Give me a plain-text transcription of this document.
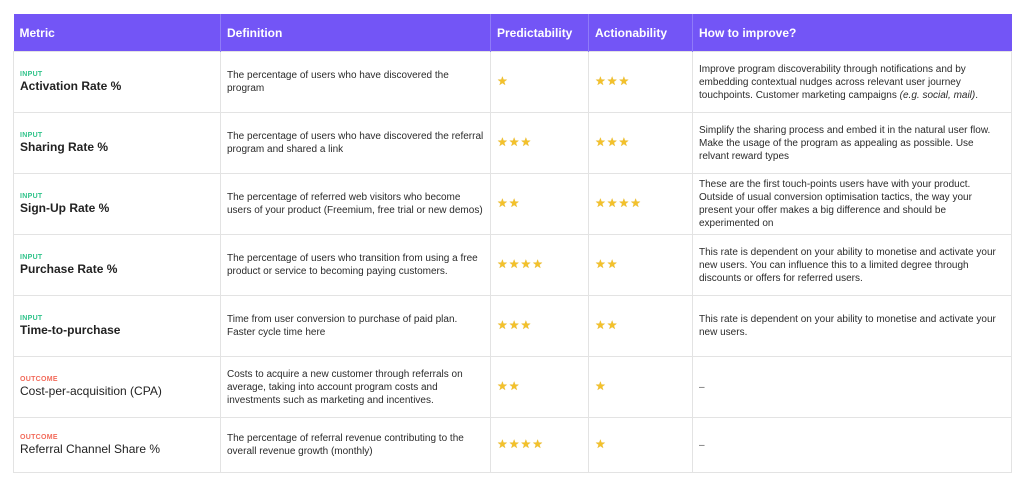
Metric	Definition	Predictability	Actionability	How to improve?

INPUT
Activation Rate %	The percentage of users who have discovered the program	★	★ ★ ★	Improve program discoverability through notifications and by embedding contextual nudges across relevant user journey touchpoints. Customer marketing campaigns (e.g. social, mail).

INPUT
Sharing Rate %	The percentage of users who have discovered the referral program and shared a link	★ ★ ★	★ ★ ★	Simplify the sharing process and embed it in the natural user flow. Make the usage of the program as appealing as possible. Use relvant reward types

INPUT
Sign-Up Rate %	The percentage of referred web visitors who become users of your product (Freemium, free trial or new demos)	★ ★	★ ★ ★ ★	These are the first touch-points users have with your product. Outside of usual conversion optimisation tactics, the way your present your offer makes a big difference and should be experimented on

INPUT
Purchase Rate %	The percentage of users who transition from using a free product or service to becoming paying customers.	★ ★ ★ ★	★ ★	This rate is dependent on your ability to monetise and activate your new users. You can influence this to a limited degree through discounts or offers for referred users.

INPUT
Time-to-purchase	Time from user conversion to purchase of paid plan. Faster cycle time here	★ ★ ★	★ ★	This rate is dependent on your ability to monetise and activate your new users.

OUTCOME
Cost-per-acquisition (CPA)	Costs to acquire a new customer through referrals on average, taking into account program costs and investments such as marketing and incentives.	★ ★	★	–

OUTCOME
Referral Channel Share %	The percentage of referral revenue contributing to the overall revenue growth (monthly)	★ ★ ★ ★	★	–
